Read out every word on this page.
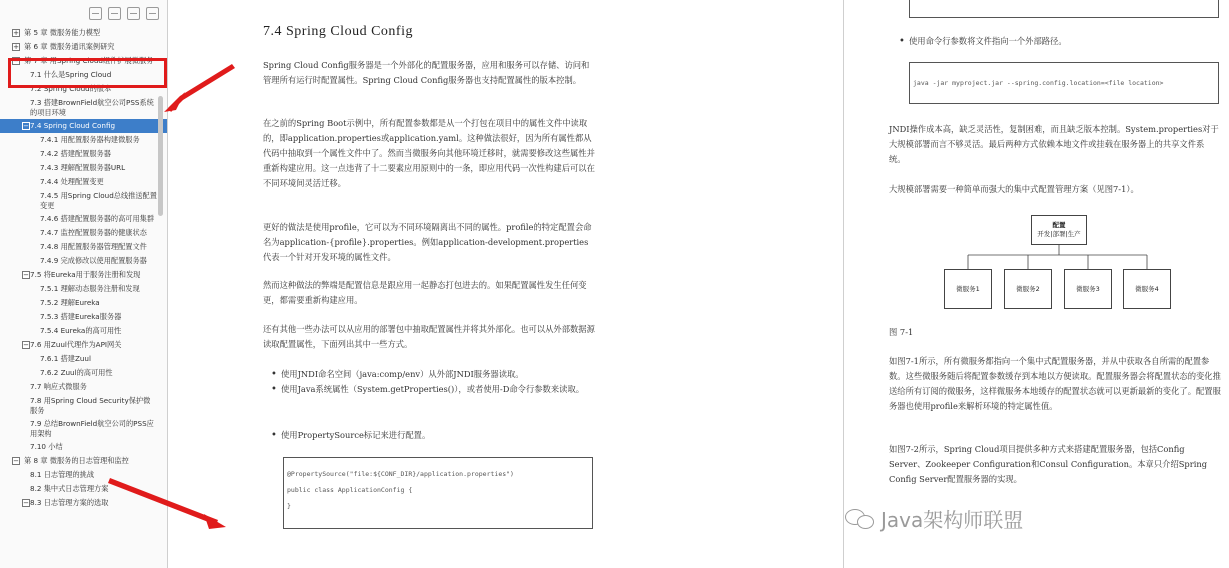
+ 第 5 章 微服务能力模型
+ 第 6 章 微服务通讯案例研究
− 第 7 章 用Spring Cloud组件扩展微服务
7.1 什么是Spring Cloud
7.2 Spring Cloud的版本
7.3 搭建BrownField航空公司PSS系统的项目环境
− 7.4 Spring Cloud Config
7.4.1 用配置服务器构建微服务
7.4.2 搭建配置服务器
7.4.3 理解配置服务器URL
7.4.4 处理配置变更
7.4.5 用Spring Cloud总线推送配置变更
7.4.6 搭建配置服务器的高可用集群
7.4.7 监控配置服务器的健康状态
7.4.8 用配置服务器管理配置文件
7.4.9 完成修改以使用配置服务器
− 7.5 将Eureka用于服务注册和发现
7.5.1 理解动态服务注册和发现
7.5.2 理解Eureka
7.5.3 搭建Eureka服务器
7.5.4 Eureka的高可用性
− 7.6 用Zuul代理作为API网关
7.6.1 搭建Zuul
7.6.2 Zuul的高可用性
7.7 响应式微服务
7.8 用Spring Cloud Security保护微服务
7.9 总结BrownField航空公司的PSS应用架构
7.10 小结
− 第 8 章 微服务的日志管理和监控
8.1 日志管理的挑战
8.2 集中式日志管理方案
− 8.3 日志管理方案的选取
7.4 Spring Cloud Config
Spring Cloud Config服务器是一个外部化的配置服务器，应用和服务可以存储、访问和管理所有运行时配置属性。Spring Cloud Config服务器也支持配置属性的版本控制。
在之前的Spring Boot示例中，所有配置参数都是从一个打包在项目中的属性文件中读取的，即application.properties或application.yaml。这种做法很好，因为所有属性都从代码中抽取到一个属性文件中了。然而当微服务向其他环境迁移时，就需要修改这些属性并重新构建应用。这一点违背了十二要素应用原则中的一条，即应用代码一次性构建后可以在不同环境间灵活迁移。
更好的做法是使用profile，它可以为不同环境隔离出不同的属性。profile的特定配置会命名为application-{profile}.properties。例如application-development.properties代表一个针对开发环境的属性文件。
然而这种做法的弊端是配置信息是跟应用一起静态打包进去的。如果配置属性发生任何变更，都需要重新构建应用。
还有其他一些办法可以从应用的部署包中抽取配置属性并将其外部化。也可以从外部数据源读取配置属性，下面列出其中一些方式。
• 使用JNDI命名空间（java:comp/env）从外部JNDI服务器读取。
• 使用Java系统属性（System.getProperties()），或者使用-D命令行参数来读取。
• 使用PropertySource标记来进行配置。
@PropertySource("file:${CONF_DIR}/application.properties")
public class ApplicationConfig {
}
• 使用命令行参数将文件指向一个外部路径。
java -jar myproject.jar --spring.config.location=<file location>
JNDI操作成本高，缺乏灵活性，复制困难，而且缺乏版本控制。System.properties对于大规模部署而言不够灵活。最后两种方式依赖本地文件或挂载在服务器上的共享文件系统。
大规模部署需要一种简单而强大的集中式配置管理方案（见图7-1）。
配置
开发|部署|生产
微服务1	微服务2	微服务3	微服务4
图 7-1
如图7-1所示，所有微服务都指向一个集中式配置服务器，并从中获取各自所需的配置参数。这些微服务随后将配置参数缓存到本地以方便读取。配置服务器会将配置状态的变化推送给所有订阅的微服务，这样微服务本地缓存的配置状态就可以更新最新的变化了。配置服务器也使用profile来解析环境的特定属性值。
如图7-2所示，Spring Cloud项目提供多种方式来搭建配置服务器，包括Config Server、Zookeeper Configuration和Consul Configuration。本章只介绍Spring Config Server配置服务器的实现。
Java架构师联盟
